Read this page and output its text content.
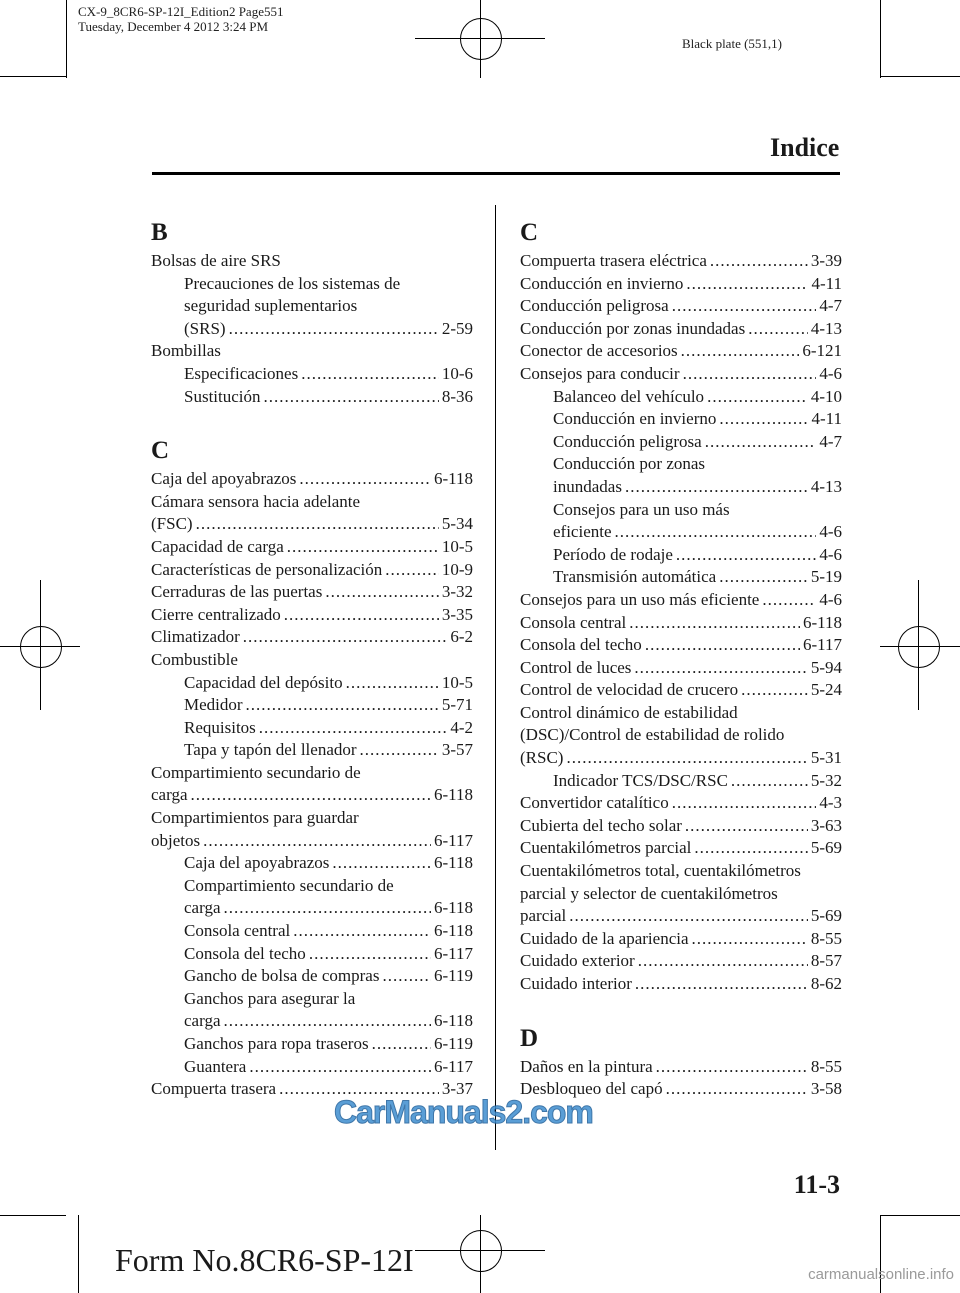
CX-9_8CR6-SP-12I_Edition2 Page551
Tuesday, December 4 2012 3:24 PM
Black plate (551,1)
Indice
B
Bolsas de aire SRS
Precauciones de los sistemas de
seguridad suplementarios
(SRS) .....	2-59
Bombillas
Especificaciones .....	10-6
Sustitución .....	8-36
C
Caja del apoyabrazos .....	6-118
Cámara sensora hacia adelante
(FSC) .....	5-34
Capacidad de carga .....	10-5
Características de personalización .....	10-9
Cerraduras de las puertas .....	3-32
Cierre centralizado .....	3-35
Climatizador .....	6-2
Combustible
Capacidad del depósito .....	10-5
Medidor .....	5-71
Requisitos .....	4-2
Tapa y tapón del llenador .....	3-57
Compartimiento secundario de
carga .....	6-118
Compartimientos para guardar
objetos .....	6-117
Caja del apoyabrazos .....	6-118
Compartimiento secundario de
carga .....	6-118
Consola central .....	6-118
Consola del techo .....	6-117
Gancho de bolsa de compras .....	6-119
Ganchos para asegurar la
carga .....	6-118
Ganchos para ropa traseros .....	6-119
Guantera .....	6-117
Compuerta trasera .....	3-37
C
Compuerta trasera eléctrica .....	3-39
Conducción en invierno .....	4-11
Conducción peligrosa .....	4-7
Conducción por zonas inundadas .....	4-13
Conector de accesorios .....	6-121
Consejos para conducir .....	4-6
Balanceo del vehículo .....	4-10
Conducción en invierno .....	4-11
Conducción peligrosa .....	4-7
Conducción por zonas
inundadas .....	4-13
Consejos para un uso más
eficiente .....	4-6
Período de rodaje .....	4-6
Transmisión automática .....	5-19
Consejos para un uso más eficiente .....	4-6
Consola central .....	6-118
Consola del techo .....	6-117
Control de luces .....	5-94
Control de velocidad de crucero .....	5-24
Control dinámico de estabilidad
(DSC)/Control de estabilidad de rolido
(RSC) .....	5-31
Indicador TCS/DSC/RSC .....	5-32
Convertidor catalítico .....	4-3
Cubierta del techo solar .....	3-63
Cuentakilómetros parcial .....	5-69
Cuentakilómetros total, cuentakilómetros
parcial y selector de cuentakilómetros
parcial .....	5-69
Cuidado de la apariencia .....	8-55
Cuidado exterior .....	8-57
Cuidado interior .....	8-62
D
Daños en la pintura .....	8-55
Desbloqueo del capó .....	3-58
11-3
Form No.8CR6-SP-12I
CarManuals2.com
carmanualsonline.info
